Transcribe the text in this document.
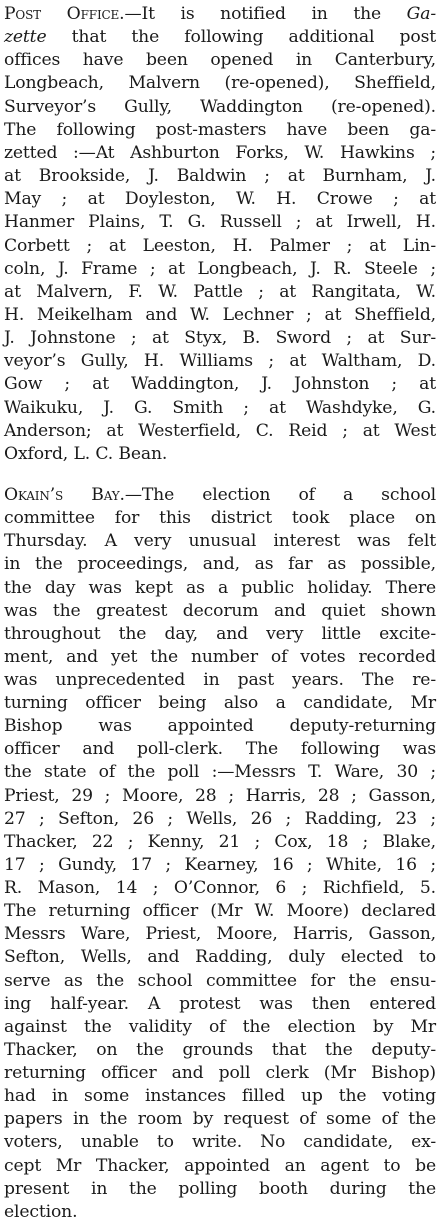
Post Office.—It is notified in the Ga-
zette that the following additional post
offices have been opened in Canterbury,
Longbeach, Malvern (re-opened), Sheffield,
Surveyor’s Gully, Waddington (re-opened).
The following post-masters have been ga-
zetted :—At Ashburton Forks, W. Hawkins ;
at Brookside, J. Baldwin ; at Burnham, J.
May ; at Doyleston, W. H. Crowe ; at
Hanmer Plains, T. G. Russell ; at Irwell, H.
Corbett ; at Leeston, H. Palmer ; at Lin-
coln, J. Frame ; at Longbeach, J. R. Steele ;
at Malvern, F. W. Pattle ; at Rangitata, W.
H. Meikelham and W. Lechner ; at Sheffield,
J. Johnstone ; at Styx, B. Sword ; at Sur-
veyor’s Gully, H. Williams ; at Waltham, D.
Gow ; at Waddington, J. Johnston ; at
Waikuku, J. G. Smith ; at Washdyke, G.
Anderson; at Westerfield, C. Reid ; at West
Oxford, L. C. Bean.
Okain’s Bay.—The election of a school
committee for this district took place on
Thursday. A very unusual interest was felt
in the proceedings, and, as far as possible,
the day was kept as a public holiday. There
was the greatest decorum and quiet shown
throughout the day, and very little excite-
ment, and yet the number of votes recorded
was unprecedented in past years. The re-
turning officer being also a candidate, Mr
Bishop was appointed deputy-returning
officer and poll-clerk. The following was
the state of the poll :—Messrs T. Ware, 30 ;
Priest, 29 ; Moore, 28 ; Harris, 28 ; Gasson,
27 ; Sefton, 26 ; Wells, 26 ; Radding, 23 ;
Thacker, 22 ; Kenny, 21 ; Cox, 18 ; Blake,
17 ; Gundy, 17 ; Kearney, 16 ; White, 16 ;
R. Mason, 14 ; O’Connor, 6 ; Richfield, 5.
The returning officer (Mr W. Moore) declared
Messrs Ware, Priest, Moore, Harris, Gasson,
Sefton, Wells, and Radding, duly elected to
serve as the school committee for the ensu-
ing half-year. A protest was then entered
against the validity of the election by Mr
Thacker, on the grounds that the deputy-
returning officer and poll clerk (Mr Bishop)
had in some instances filled up the voting
papers in the room by request of some of the
voters, unable to write. No candidate, ex-
cept Mr Thacker, appointed an agent to be
present in the polling booth during the
election.
